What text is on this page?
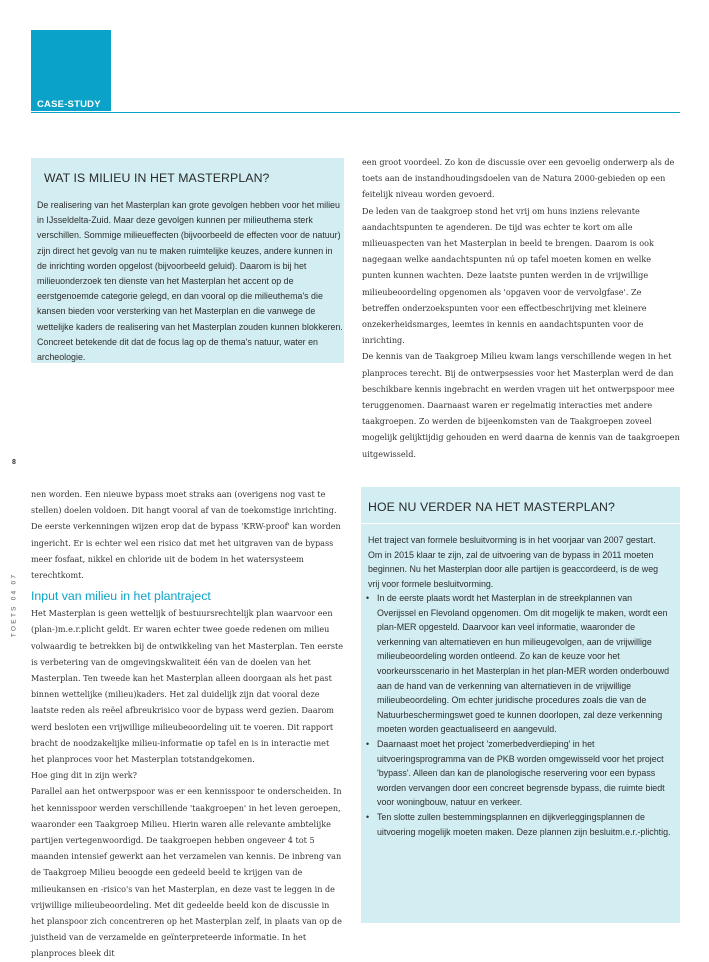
CASE-STUDY
WAT IS MILIEU IN HET MASTERPLAN?

De realisering van het Masterplan kan grote gevolgen hebben voor het milieu in IJsseldelta-Zuid. Maar deze gevolgen kunnen per milieuthema sterk verschillen. Sommige milieueffecten (bijvoorbeeld de effecten voor de natuur) zijn direct het gevolg van nu te maken ruimtelijke keuzes, andere kunnen in de inrichting worden opgelost (bijvoorbeeld geluid). Daarom is bij het milieuonderzoek ten dienste van het Masterplan het accent op de eerstgenoemde categorie gelegd, en dan vooral op die milieuthema's die kansen bieden voor versterking van het Masterplan en die vanwege de wettelijke kaders de realisering van het Masterplan zouden kunnen blokkeren. Concreet betekende dit dat de focus lag op de thema's natuur, water en archeologie.

een groot voordeel. Zo kon de discussie over een gevoelig onderwerp als de toets aan de instandhoudingsdoelen van de Natura 2000-gebieden op een feitelijk niveau worden gevoerd.

De leden van de taakgroep stond het vrij om huns inziens relevante aandachtspunten te agenderen. De tijd was echter te kort om alle milieuaspecten van het Masterplan in beeld te brengen. Daarom is ook nagegaan welke aandachtspunten nú op tafel moeten komen en welke punten kunnen wachten. Deze laatste punten werden in de vrijwillige milieubeoordeling opgenomen als 'opgaven voor de vervolgfase'. Ze betreffen onderzoekspunten voor een effectbeschrijving met kleinere onzekerheidsmarges, leemtes in kennis en aandachtspunten voor de inrichting.

De kennis van de Taakgroep Milieu kwam langs verschillende wegen in het planproces terecht. Bij de ontwerpsessies voor het Masterplan werd de dan beschikbare kennis ingebracht en werden vragen uit het ontwerpspoor mee teruggenomen. Daarnaast waren er regelmatig interacties met andere taakgroepen. Zo werden de bijeenkomsten van de Taakgroepen zoveel mogelijk gelijktijdig gehouden en werd daarna de kennis van de taakgroepen uitgewisseld.

8
TOETS 04 07

nen worden. Een nieuwe bypass moet straks aan (overigens nog vast te stellen) doelen voldoen. Dit hangt vooral af van de toekomstige inrichting. De eerste verkenningen wijzen erop dat de bypass 'KRW-proof' kan worden ingericht. Er is echter wel een risico dat met het uitgraven van de bypass meer fosfaat, nikkel en chloride uit de bodem in het watersysteem terechtkomt.

Input van milieu in het plantraject

Het Masterplan is geen wettelijk of bestuursrechtelijk plan waarvoor een (plan-)m.e.r.plicht geldt. Er waren echter twee goede redenen om milieu volwaardig te betrekken bij de ontwikkeling van het Masterplan. Ten eerste is verbetering van de omgevingskwaliteit één van de doelen van het Masterplan. Ten tweede kan het Masterplan alleen doorgaan als het past binnen wettelijke (milieu)kaders. Het zal duidelijk zijn dat vooral deze laatste reden als reëel afbreukrisico voor de bypass werd gezien. Daarom werd besloten een vrijwillige milieubeoordeling uit te voeren. Dit rapport bracht de noodzakelijke milieu-informatie op tafel en is in interactie met het planproces voor het Masterplan totstandgekomen.

Hoe ging dit in zijn werk?

Parallel aan het ontwerpspoor was er een kennisspoor te onderscheiden. In het kennisspoor werden verschillende 'taakgroepen' in het leven geroepen, waaronder een Taakgroep Milieu. Hierin waren alle relevante ambtelijke partijen vertegenwoordigd. De taakgroepen hebben ongeveer 4 tot 5 maanden intensief gewerkt aan het verzamelen van kennis. De inbreng van de Taakgroep Milieu beoogde een gedeeld beeld te krijgen van de milieukansen en -risico's van het Masterplan, en deze vast te leggen in de vrijwillige milieubeoordeling. Met dit gedeelde beeld kon de discussie in het planspoor zich concentreren op het Masterplan zelf, in plaats van op de juistheid van de verzamelde en geïnterpreteerde informatie. In het planproces bleek dit

HOE NU VERDER NA HET MASTERPLAN?

Het traject van formele besluitvorming is in het voorjaar van 2007 gestart. Om in 2015 klaar te zijn, zal de uitvoering van de bypass in 2011 moeten beginnen. Nu het Masterplan door alle partijen is geaccordeerd, is de weg vrij voor formele besluitvorming.

• In de eerste plaats wordt het Masterplan in de streekplannen van Overijssel en Flevoland opgenomen. Om dit mogelijk te maken, wordt een plan-MER opgesteld. Daarvoor kan veel informatie, waaronder de verkenning van alternatieven en hun milieugevolgen, aan de vrijwillige milieubeoordeling worden ontleend. Zo kan de keuze voor het voorkeursscenario in het Masterplan in het plan-MER worden onderbouwd aan de hand van de verkenning van alternatieven in de vrijwillige milieubeoordeling. Om echter juridische procedures zoals die van de Natuurbeschermingswet goed te kunnen doorlopen, zal deze verkenning moeten worden geactualiseerd en aangevuld.
• Daarnaast moet het project 'zomerbedverdieping' in het uitvoeringsprogramma van de PKB worden omgewisseld voor het project 'bypass'. Alleen dan kan de planologische reservering voor een bypass worden vervangen door een concreet begrensde bypass, die ruimte biedt voor woningbouw, natuur en verkeer.
• Ten slotte zullen bestemmingsplannen en dijkverleggingsplannen de uitvoering mogelijk moeten maken. Deze plannen zijn besluitm.e.r.-plichtig.
